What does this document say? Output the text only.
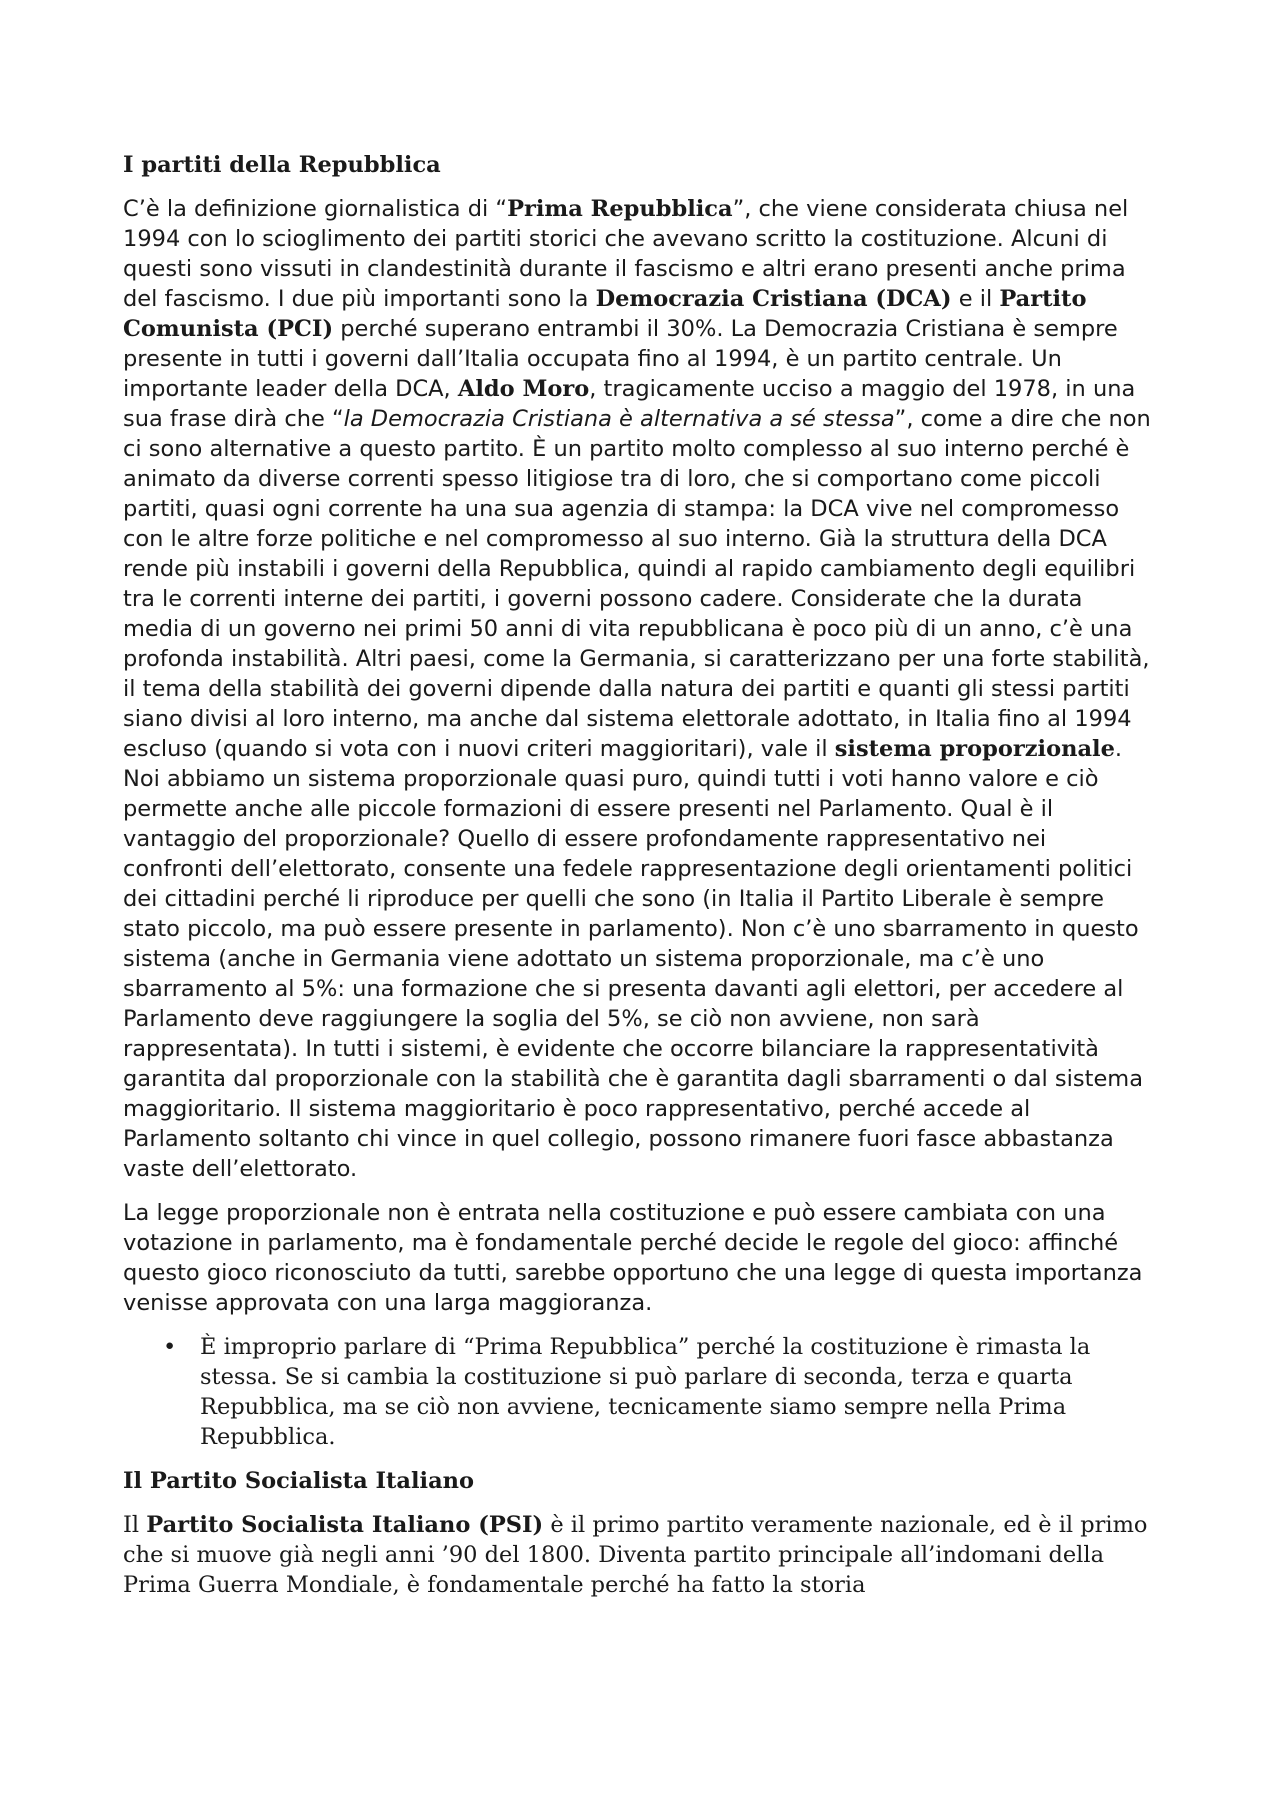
I partiti della Repubblica

C’è la definizione giornalistica di “Prima Repubblica”, che viene considerata chiusa nel 1994 con lo scioglimento dei partiti storici che avevano scritto la costituzione. Alcuni di questi sono vissuti in clandestinità durante il fascismo e altri erano presenti anche prima del fascismo. I due più importanti sono la Democrazia Cristiana (DCA) e il Partito Comunista (PCI) perché superano entrambi il 30%. La Democrazia Cristiana è sempre presente in tutti i governi dall’Italia occupata fino al 1994, è un partito centrale. Un importante leader della DCA, Aldo Moro, tragicamente ucciso a maggio del 1978, in una sua frase dirà che “la Democrazia Cristiana è alternativa a sé stessa”, come a dire che non ci sono alternative a questo partito. È un partito molto complesso al suo interno perché è animato da diverse correnti spesso litigiose tra di loro, che si comportano come piccoli partiti, quasi ogni corrente ha una sua agenzia di stampa: la DCA vive nel compromesso con le altre forze politiche e nel compromesso al suo interno. Già la struttura della DCA rende più instabili i governi della Repubblica, quindi al rapido cambiamento degli equilibri tra le correnti interne dei partiti, i governi possono cadere. Considerate che la durata media di un governo nei primi 50 anni di vita repubblicana è poco più di un anno, c’è una profonda instabilità. Altri paesi, come la Germania, si caratterizzano per una forte stabilità, il tema della stabilità dei governi dipende dalla natura dei partiti e quanti gli stessi partiti siano divisi al loro interno, ma anche dal sistema elettorale adottato, in Italia fino al 1994 escluso (quando si vota con i nuovi criteri maggioritari), vale il sistema proporzionale. Noi abbiamo un sistema proporzionale quasi puro, quindi tutti i voti hanno valore e ciò permette anche alle piccole formazioni di essere presenti nel Parlamento. Qual è il vantaggio del proporzionale? Quello di essere profondamente rappresentativo nei confronti dell’elettorato, consente una fedele rappresentazione degli orientamenti politici dei cittadini perché li riproduce per quelli che sono (in Italia il Partito Liberale è sempre stato piccolo, ma può essere presente in parlamento). Non c’è uno sbarramento in questo sistema (anche in Germania viene adottato un sistema proporzionale, ma c’è uno sbarramento al 5%: una formazione che si presenta davanti agli elettori, per accedere al Parlamento deve raggiungere la soglia del 5%, se ciò non avviene, non sarà rappresentata). In tutti i sistemi, è evidente che occorre bilanciare la rappresentatività garantita dal proporzionale con la stabilità che è garantita dagli sbarramenti o dal sistema maggioritario. Il sistema maggioritario è poco rappresentativo, perché accede al Parlamento soltanto chi vince in quel collegio, possono rimanere fuori fasce abbastanza vaste dell’elettorato.

La legge proporzionale non è entrata nella costituzione e può essere cambiata con una votazione in parlamento, ma è fondamentale perché decide le regole del gioco: affinché questo gioco riconosciuto da tutti, sarebbe opportuno che una legge di questa importanza venisse approvata con una larga maggioranza.

• È improprio parlare di “Prima Repubblica” perché la costituzione è rimasta la stessa. Se si cambia la costituzione si può parlare di seconda, terza e quarta Repubblica, ma se ciò non avviene, tecnicamente siamo sempre nella Prima Repubblica.
Il Partito Socialista Italiano

Il Partito Socialista Italiano (PSI) è il primo partito veramente nazionale, ed è il primo che si muove già negli anni ’90 del 1800. Diventa partito principale all’indomani della Prima Guerra Mondiale, è fondamentale perché ha fatto la storia
